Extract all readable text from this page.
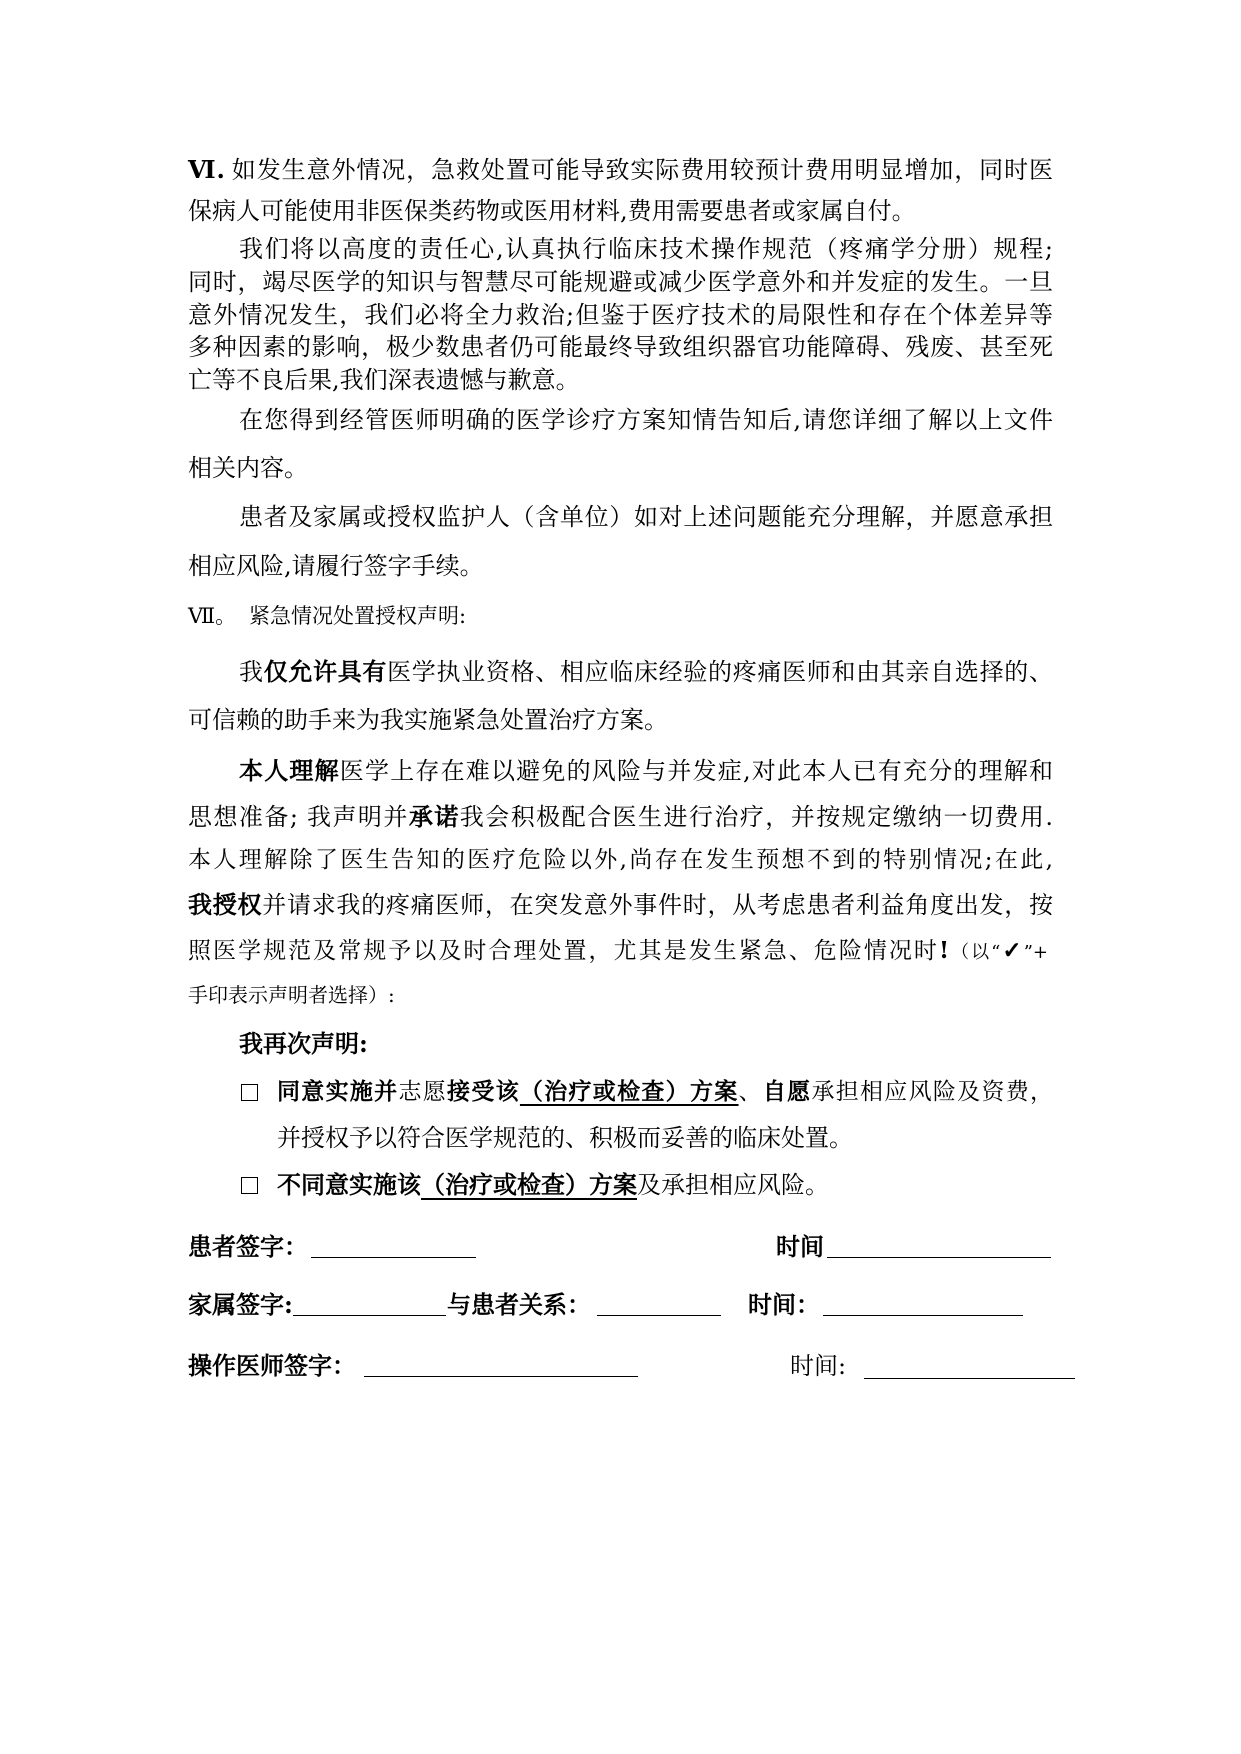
Ⅵ. 如发生意外情况，急救处置可能导致实际费用较预计费用明显增加，同时医
保病人可能使用非医保类药物或医用材料,费用需要患者或家属自付。
我们将以高度的责任心,认真执行临床技术操作规范（疼痛学分册）规程;
同时，竭尽医学的知识与智慧尽可能规避或减少医学意外和并发症的发生。一旦
意外情况发生，我们必将全力救治;但鉴于医疗技术的局限性和存在个体差异等
多种因素的影响，极少数患者仍可能最终导致组织器官功能障碍、残废、甚至死
亡等不良后果,我们深表遗憾与歉意。
在您得到经管医师明确的医学诊疗方案知情告知后,请您详细了解以上文件
相关内容。
患者及家属或授权监护人（含单位）如对上述问题能充分理解，并愿意承担
相应风险,请履行签字手续。
Ⅶ。 紧急情况处置授权声明:
我仅允许具有医学执业资格、相应临床经验的疼痛医师和由其亲自选择的、
可信赖的助手来为我实施紧急处置治疗方案。
本人理解医学上存在难以避免的风险与并发症,对此本人已有充分的理解和
思想准备; 我声明并承诺我会积极配合医生进行治疗，并按规定缴纳一切费用.
本人理解除了医生告知的医疗危险以外,尚存在发生预想不到的特别情况;在此,
我授权并请求我的疼痛医师，在突发意外事件时，从考虑患者利益角度出发，按
照医学规范及常规予以及时合理处置，尤其是发生紧急、危险情况时!（以“✓”+
手印表示声明者选择）:
我再次声明:
同意实施并志愿接受该（治疗或检查）方案、自愿承担相应风险及资费，
并授权予以符合医学规范的、积极而妥善的临床处置。
不同意实施该（治疗或检查）方案及承担相应风险。
患者签字：	时间
家属签字:	与患者关系：	时间：
操作医师签字：	时间:
